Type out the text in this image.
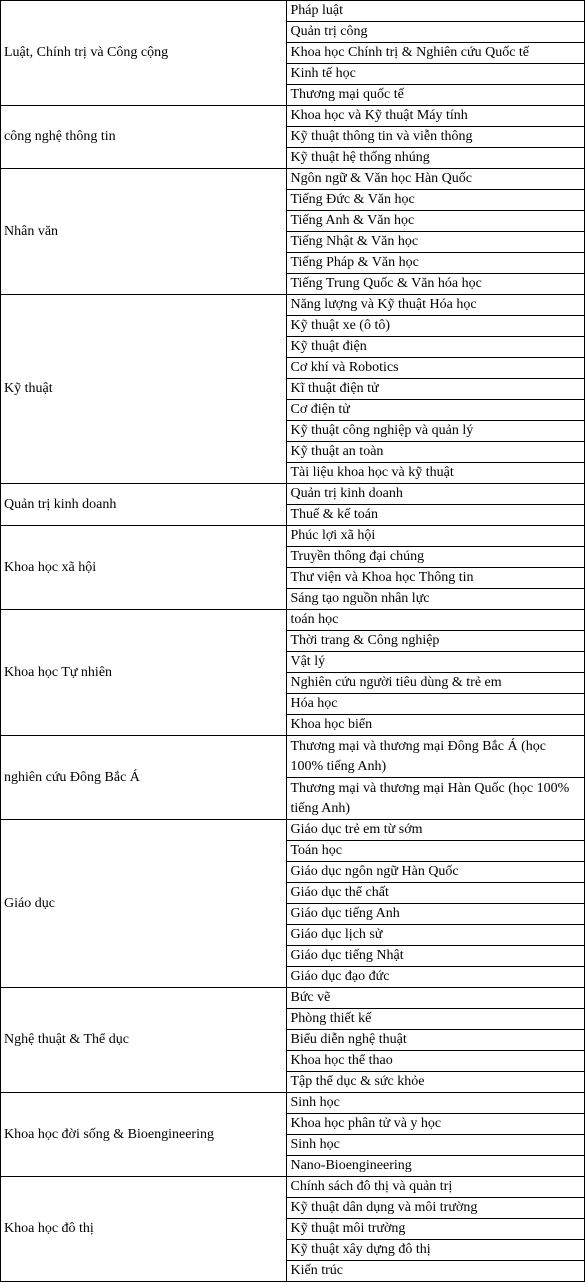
Luật, Chính trị và Công cộng	Pháp luật
	Quản trị công
	Khoa học Chính trị & Nghiên cứu Quốc tế
	Kinh tế học
	Thương mại quốc tế
công nghệ thông tin	Khoa học và Kỹ thuật Máy tính
	Kỹ thuật thông tin và viễn thông
	Kỹ thuật hệ thống nhúng
Nhân văn	Ngôn ngữ & Văn học Hàn Quốc
	Tiếng Đức & Văn học
	Tiếng Anh & Văn học
	Tiếng Nhật & Văn học
	Tiếng Pháp & Văn học
	Tiếng Trung Quốc & Văn hóa học
Kỹ thuật	Năng lượng và Kỹ thuật Hóa học
	Kỹ thuật xe (ô tô)
	Kỹ thuật điện
	Cơ khí và Robotics
	Kĩ thuật điện tử
	Cơ điện tử
	Kỹ thuật công nghiệp và quản lý
	Kỹ thuật an toàn
	Tài liệu khoa học và kỹ thuật
Quản trị kinh doanh	Quản trị kinh doanh
	Thuế & kế toán
Khoa học xã hội	Phúc lợi xã hội
	Truyền thông đại chúng
	Thư viện và Khoa học Thông tin
	Sáng tạo nguồn nhân lực
Khoa học Tự nhiên	toán học
	Thời trang & Công nghiệp
	Vật lý
	Nghiên cứu người tiêu dùng & trẻ em
	Hóa học
	Khoa học biển
nghiên cứu Đông Bắc Á	Thương mại và thương mại Đông Bắc Á (học 100% tiếng Anh)
	Thương mại và thương mại Hàn Quốc (học 100% tiếng Anh)
Giáo dục	Giáo dục trẻ em từ sớm
	Toán học
	Giáo dục ngôn ngữ Hàn Quốc
	Giáo dục thể chất
	Giáo dục tiếng Anh
	Giáo dục lịch sử
	Giáo dục tiếng Nhật
	Giáo dục đạo đức
Nghệ thuật & Thể dục	Bức vẽ
	Phòng thiết kế
	Biểu diễn nghệ thuật
	Khoa học thể thao
	Tập thể dục & sức khỏe
Khoa học đời sống & Bioengineering	Sinh học
	Khoa học phân tử và y học
	Sinh học
	Nano-Bioengineering
Khoa học đô thị	Chính sách đô thị và quản trị
	Kỹ thuật dân dụng và môi trường
	Kỹ thuật môi trường
	Kỹ thuật xây dựng đô thị
	Kiến trúc
